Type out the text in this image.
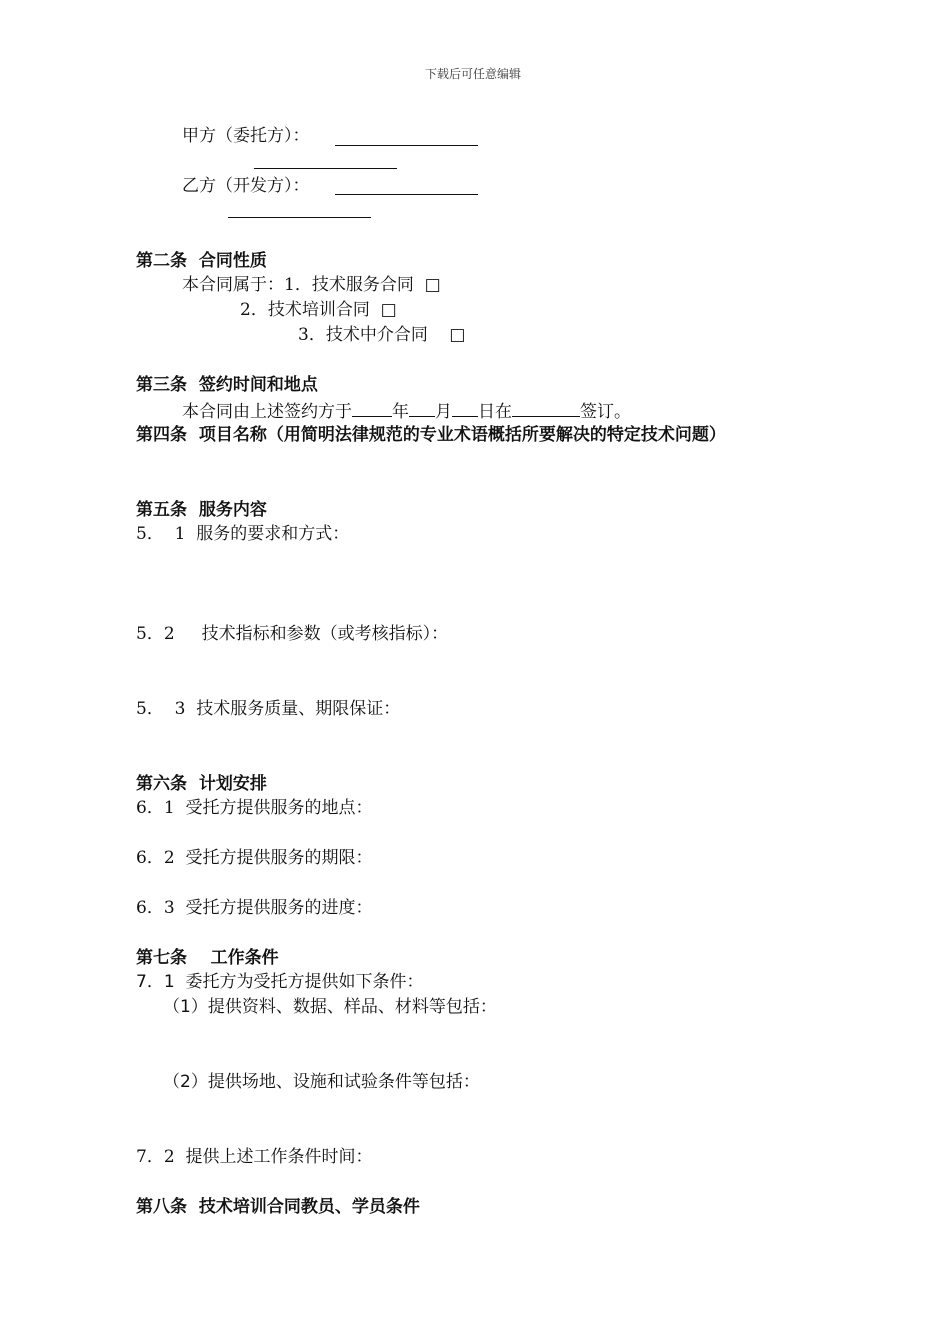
下载后可任意编辑
甲方（委托方）：
乙方（开发方）：
第二条  合同性质
本合同属于：1．技术服务合同  □
2．技术培训合同  □
3．技术中介合同    □
第三条  签约时间和地点
本合同由上述签约方于 年 月 日在	签订。
第四条  项目名称（用简明法律规范的专业术语概括所要解决的特定技术问题）
第五条  服务内容
5．  1  服务的要求和方式：
5．2     技术指标和参数（或考核指标）：
5．  3  技术服务质量、期限保证：
第六条  计划安排
6．1  受托方提供服务的地点：
6．2  受托方提供服务的期限：
6．3  受托方提供服务的进度：
第七条    工作条件
7．1  委托方为受托方提供如下条件：
（1）提供资料、数据、样品、材料等包括：
（2）提供场地、设施和试验条件等包括：
7．2  提供上述工作条件时间：
第八条  技术培训合同教员、学员条件
